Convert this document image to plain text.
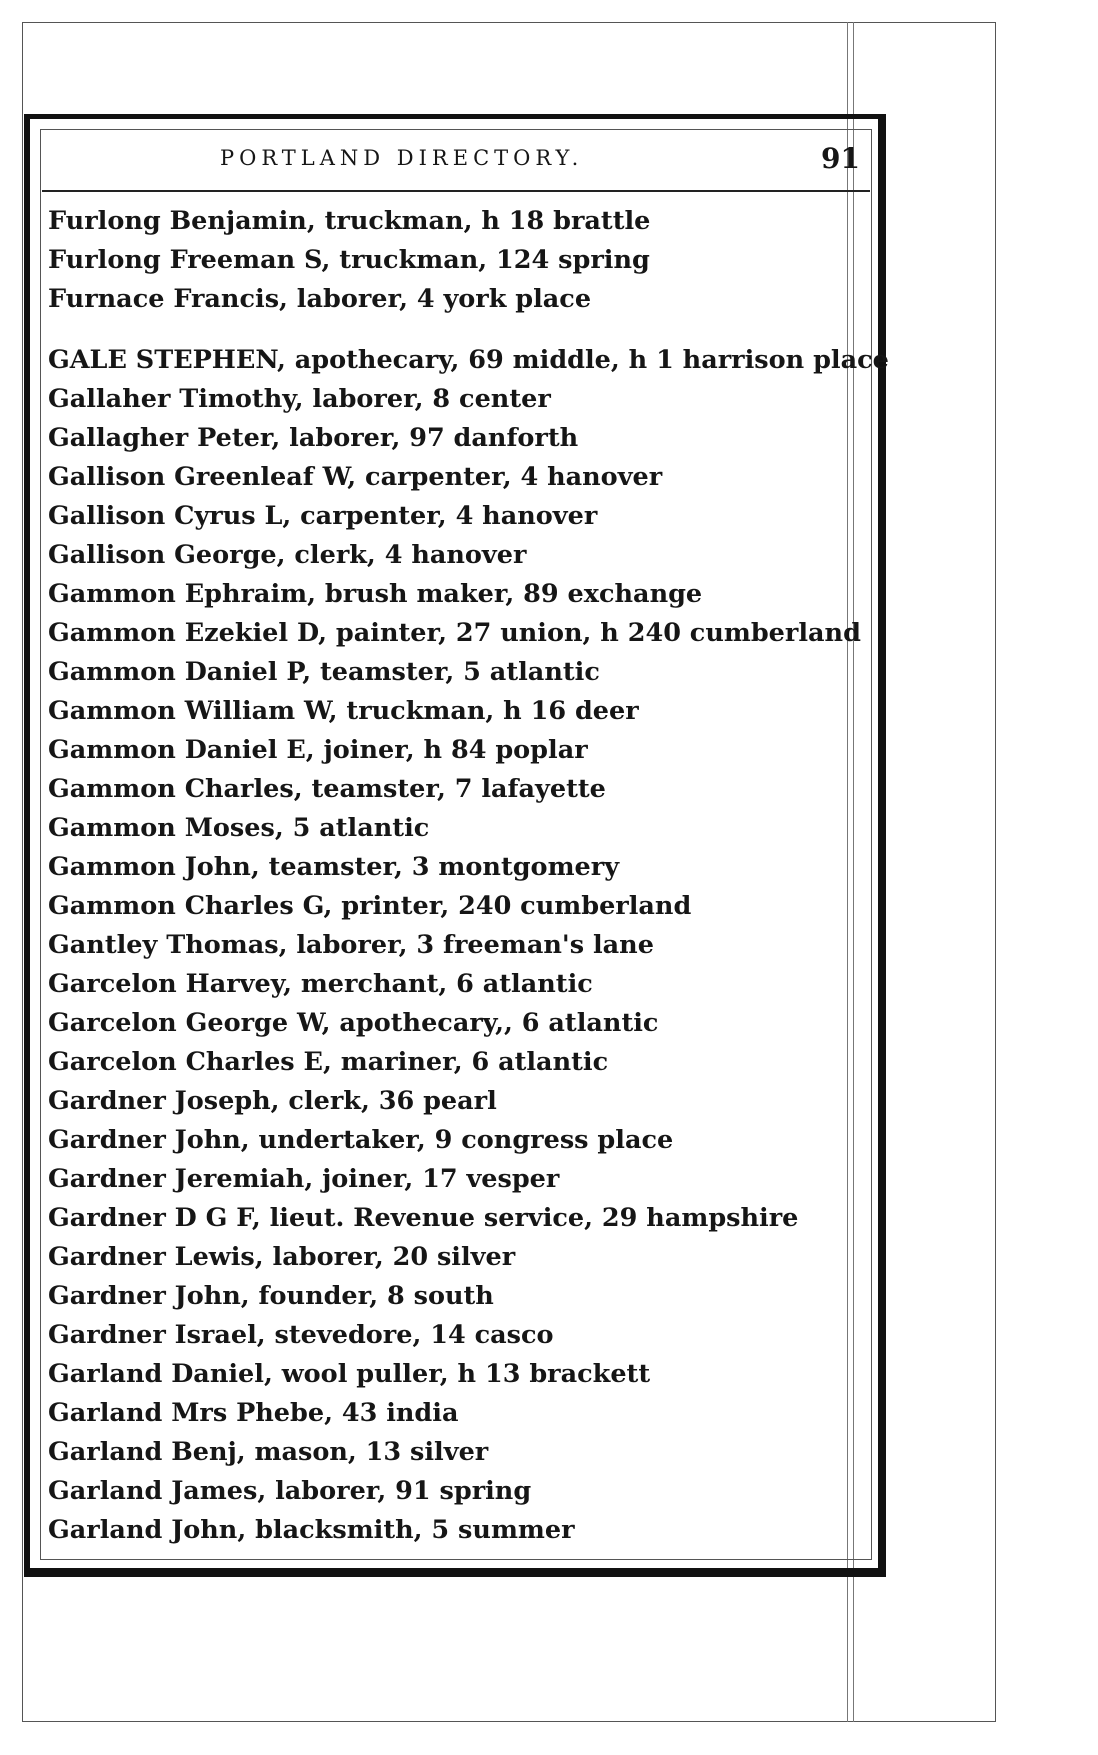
PORTLAND DIRECTORY.	91
Furlong Benjamin, truckman, h 18 brattle
Furlong Freeman S, truckman, 124 spring
Furnace Francis, laborer, 4 york place
GALE STEPHEN, apothecary, 69 middle, h 1 harrison place
Gallaher Timothy, laborer, 8 center
Gallagher Peter, laborer, 97 danforth
Gallison Greenleaf W, carpenter, 4 hanover
Gallison Cyrus L, carpenter, 4 hanover
Gallison George, clerk, 4 hanover
Gammon Ephraim, brush maker, 89 exchange
Gammon Ezekiel D, painter, 27 union, h 240 cumberland
Gammon Daniel P, teamster, 5 atlantic
Gammon William W, truckman, h 16 deer
Gammon Daniel E, joiner, h 84 poplar
Gammon Charles, teamster, 7 lafayette
Gammon Moses, 5 atlantic
Gammon John, teamster, 3 montgomery
Gammon Charles G, printer, 240 cumberland
Gantley Thomas, laborer, 3 freeman's lane
Garcelon Harvey, merchant, 6 atlantic
Garcelon George W, apothecary,, 6 atlantic
Garcelon Charles E, mariner, 6 atlantic
Gardner Joseph, clerk, 36 pearl
Gardner John, undertaker, 9 congress place
Gardner Jeremiah, joiner, 17 vesper
Gardner D G F, lieut. Revenue service, 29 hampshire
Gardner Lewis, laborer, 20 silver
Gardner John, founder, 8 south
Gardner Israel, stevedore, 14 casco
Garland Daniel, wool puller, h 13 brackett
Garland Mrs Phebe, 43 india
Garland Benj, mason, 13 silver
Garland James, laborer, 91 spring
Garland John, blacksmith, 5 summer
